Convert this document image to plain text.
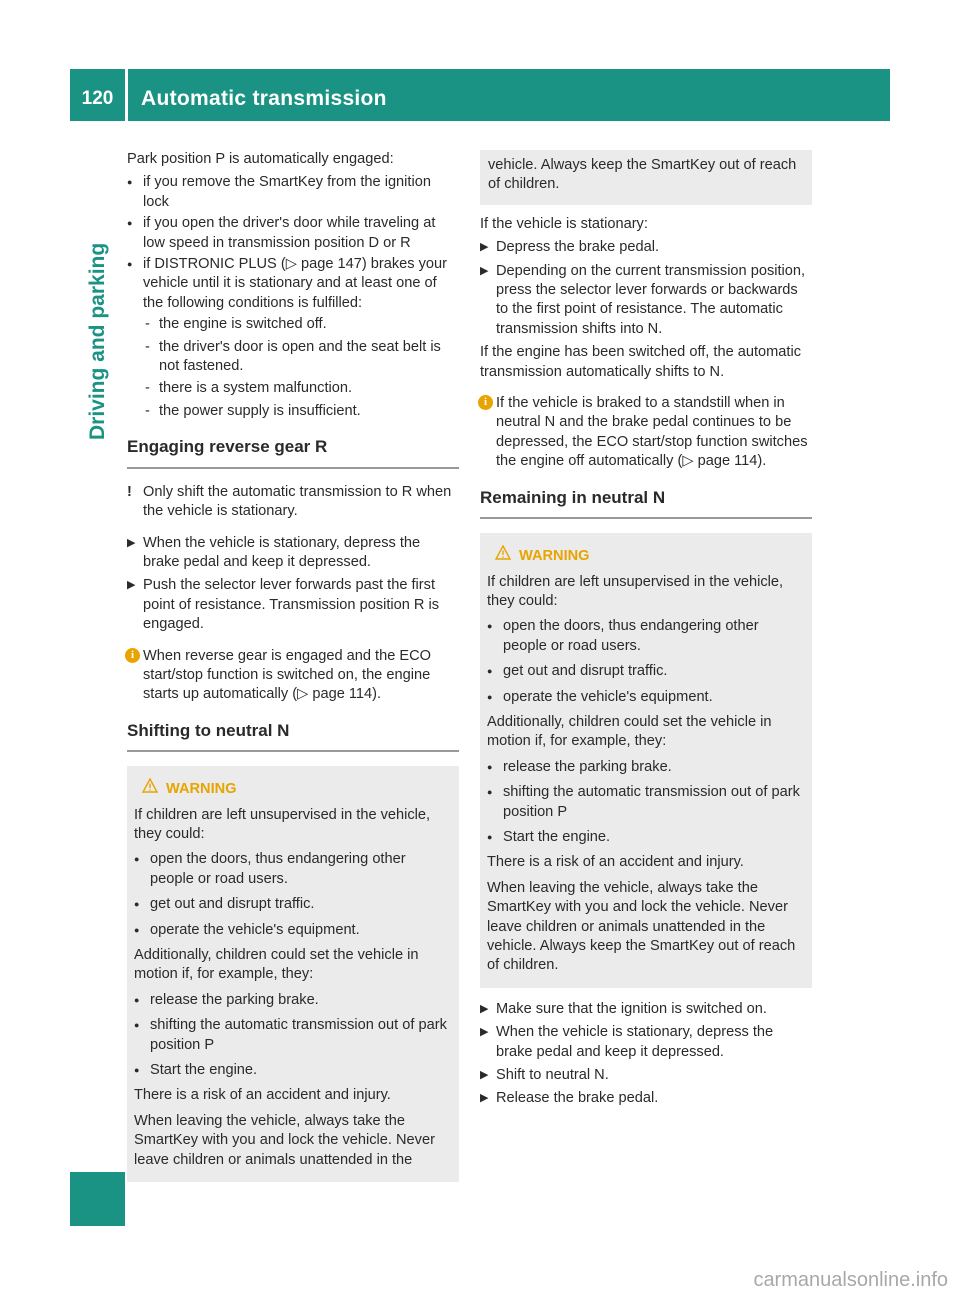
120	Automatic transmission
Driving and parking

Park position P is automatically engaged:

● if you remove the SmartKey from the ignition lock
● if you open the driver's door while traveling at low speed in transmission position D or R
● if DISTRONIC PLUS (▷ page 147) brakes your vehicle until it is stationary and at least one of the following conditions is fulfilled:
- the engine is switched off.
- the driver's door is open and the seat belt is not fastened.
- there is a system malfunction.
- the power supply is insufficient.
Engaging reverse gear R
! Only shift the automatic transmission to R when the vehicle is stationary.
▶ When the vehicle is stationary, depress the brake pedal and keep it depressed.
▶ Push the selector lever forwards past the first point of resistance. Transmission position R is engaged.
i When reverse gear is engaged and the ECO start/stop function is switched on, the engine starts up automatically (▷ page 114).
Shifting to neutral N
WARNING

If children are left unsupervised in the vehicle, they could:

● open the doors, thus endangering other people or road users.
● get out and disrupt traffic.
● operate the vehicle's equipment.

Additionally, children could set the vehicle in motion if, for example, they:

● release the parking brake.
● shifting the automatic transmission out of park position P
● Start the engine.

There is a risk of an accident and injury.

When leaving the vehicle, always take the SmartKey with you and lock the vehicle. Never leave children or animals unattended in the

vehicle. Always keep the SmartKey out of reach of children.

If the vehicle is stationary:

▶ Depress the brake pedal.
▶ Depending on the current transmission position, press the selector lever forwards or backwards to the first point of resistance. The automatic transmission shifts into N.

If the engine has been switched off, the automatic transmission automatically shifts to N.

i If the vehicle is braked to a standstill when in neutral N and the brake pedal continues to be depressed, the ECO start/stop function switches the engine off automatically (▷ page 114).
Remaining in neutral N
WARNING

If children are left unsupervised in the vehicle, they could:

● open the doors, thus endangering other people or road users.
● get out and disrupt traffic.
● operate the vehicle's equipment.

Additionally, children could set the vehicle in motion if, for example, they:

● release the parking brake.
● shifting the automatic transmission out of park position P
● Start the engine.

There is a risk of an accident and injury.

When leaving the vehicle, always take the SmartKey with you and lock the vehicle. Never leave children or animals unattended in the vehicle. Always keep the SmartKey out of reach of children.

▶ Make sure that the ignition is switched on.
▶ When the vehicle is stationary, depress the brake pedal and keep it depressed.
▶ Shift to neutral N.
▶ Release the brake pedal.
carmanualsonline.info
